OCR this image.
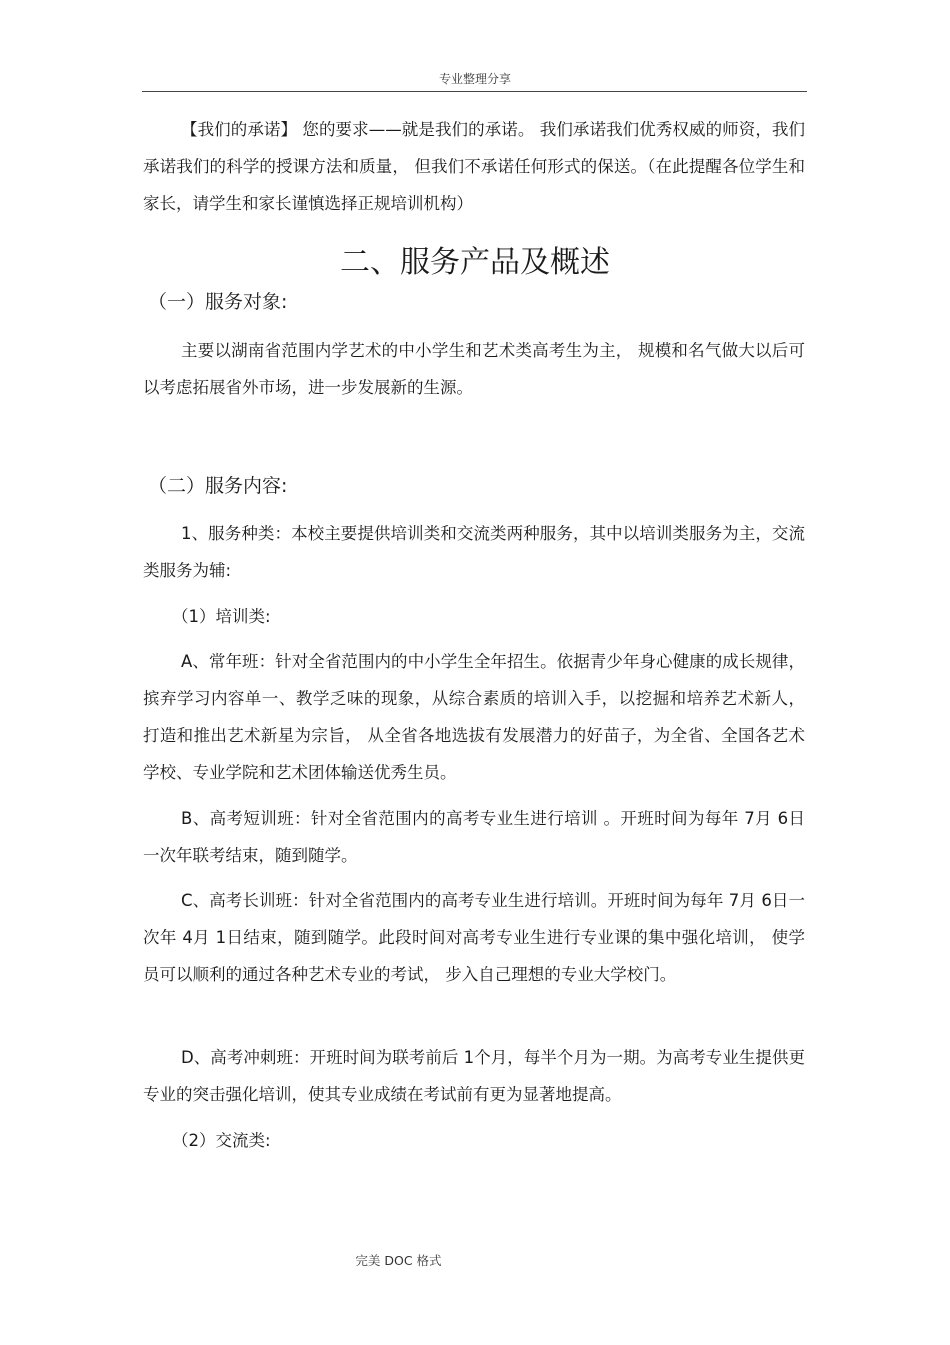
专业整理分享

【我们的承诺】 您的要求——就是我们的承诺。 我们承诺我们优秀权威的师资，我们承诺我们的科学的授课方法和质量， 但我们不承诺任何形式的保送。（在此提醒各位学生和家长，请学生和家长谨慎选择正规培训机构）

二、服务产品及概述
（一）服务对象:

主要以湖南省范围内学艺术的中小学生和艺术类高考生为主， 规模和名气做大以后可以考虑拓展省外市场，进一步发展新的生源。

（二）服务内容:

1、服务种类：本校主要提供培训类和交流类两种服务，其中以培训类服务为主，交流类服务为辅:

（1）培训类:

A、常年班：针对全省范围内的中小学生全年招生。依据青少年身心健康的成长规律，摈弃学习内容单一、教学乏味的现象，从综合素质的培训入手，以挖掘和培养艺术新人， 打造和推出艺术新星为宗旨， 从全省各地选拔有发展潜力的好苗子，为全省、全国各艺术学校、专业学院和艺术团体输送优秀生员。

B、高考短训班：针对全省范围内的高考专业生进行培训 。开班时间为每年 7月 6日一次年联考结束，随到随学。

C、高考长训班：针对全省范围内的高考专业生进行培训。开班时间为每年 7月 6日一次年 4月 1日结束，随到随学。此段时间对高考专业生进行专业课的集中强化培训， 使学员可以顺利的通过各种艺术专业的考试， 步入自己理想的专业大学校门。

D、高考冲刺班：开班时间为联考前后 1个月，每半个月为一期。为高考专业生提供更专业的突击强化培训，使其专业成绩在考试前有更为显著地提高。

（2）交流类:

完美 DOC 格式
